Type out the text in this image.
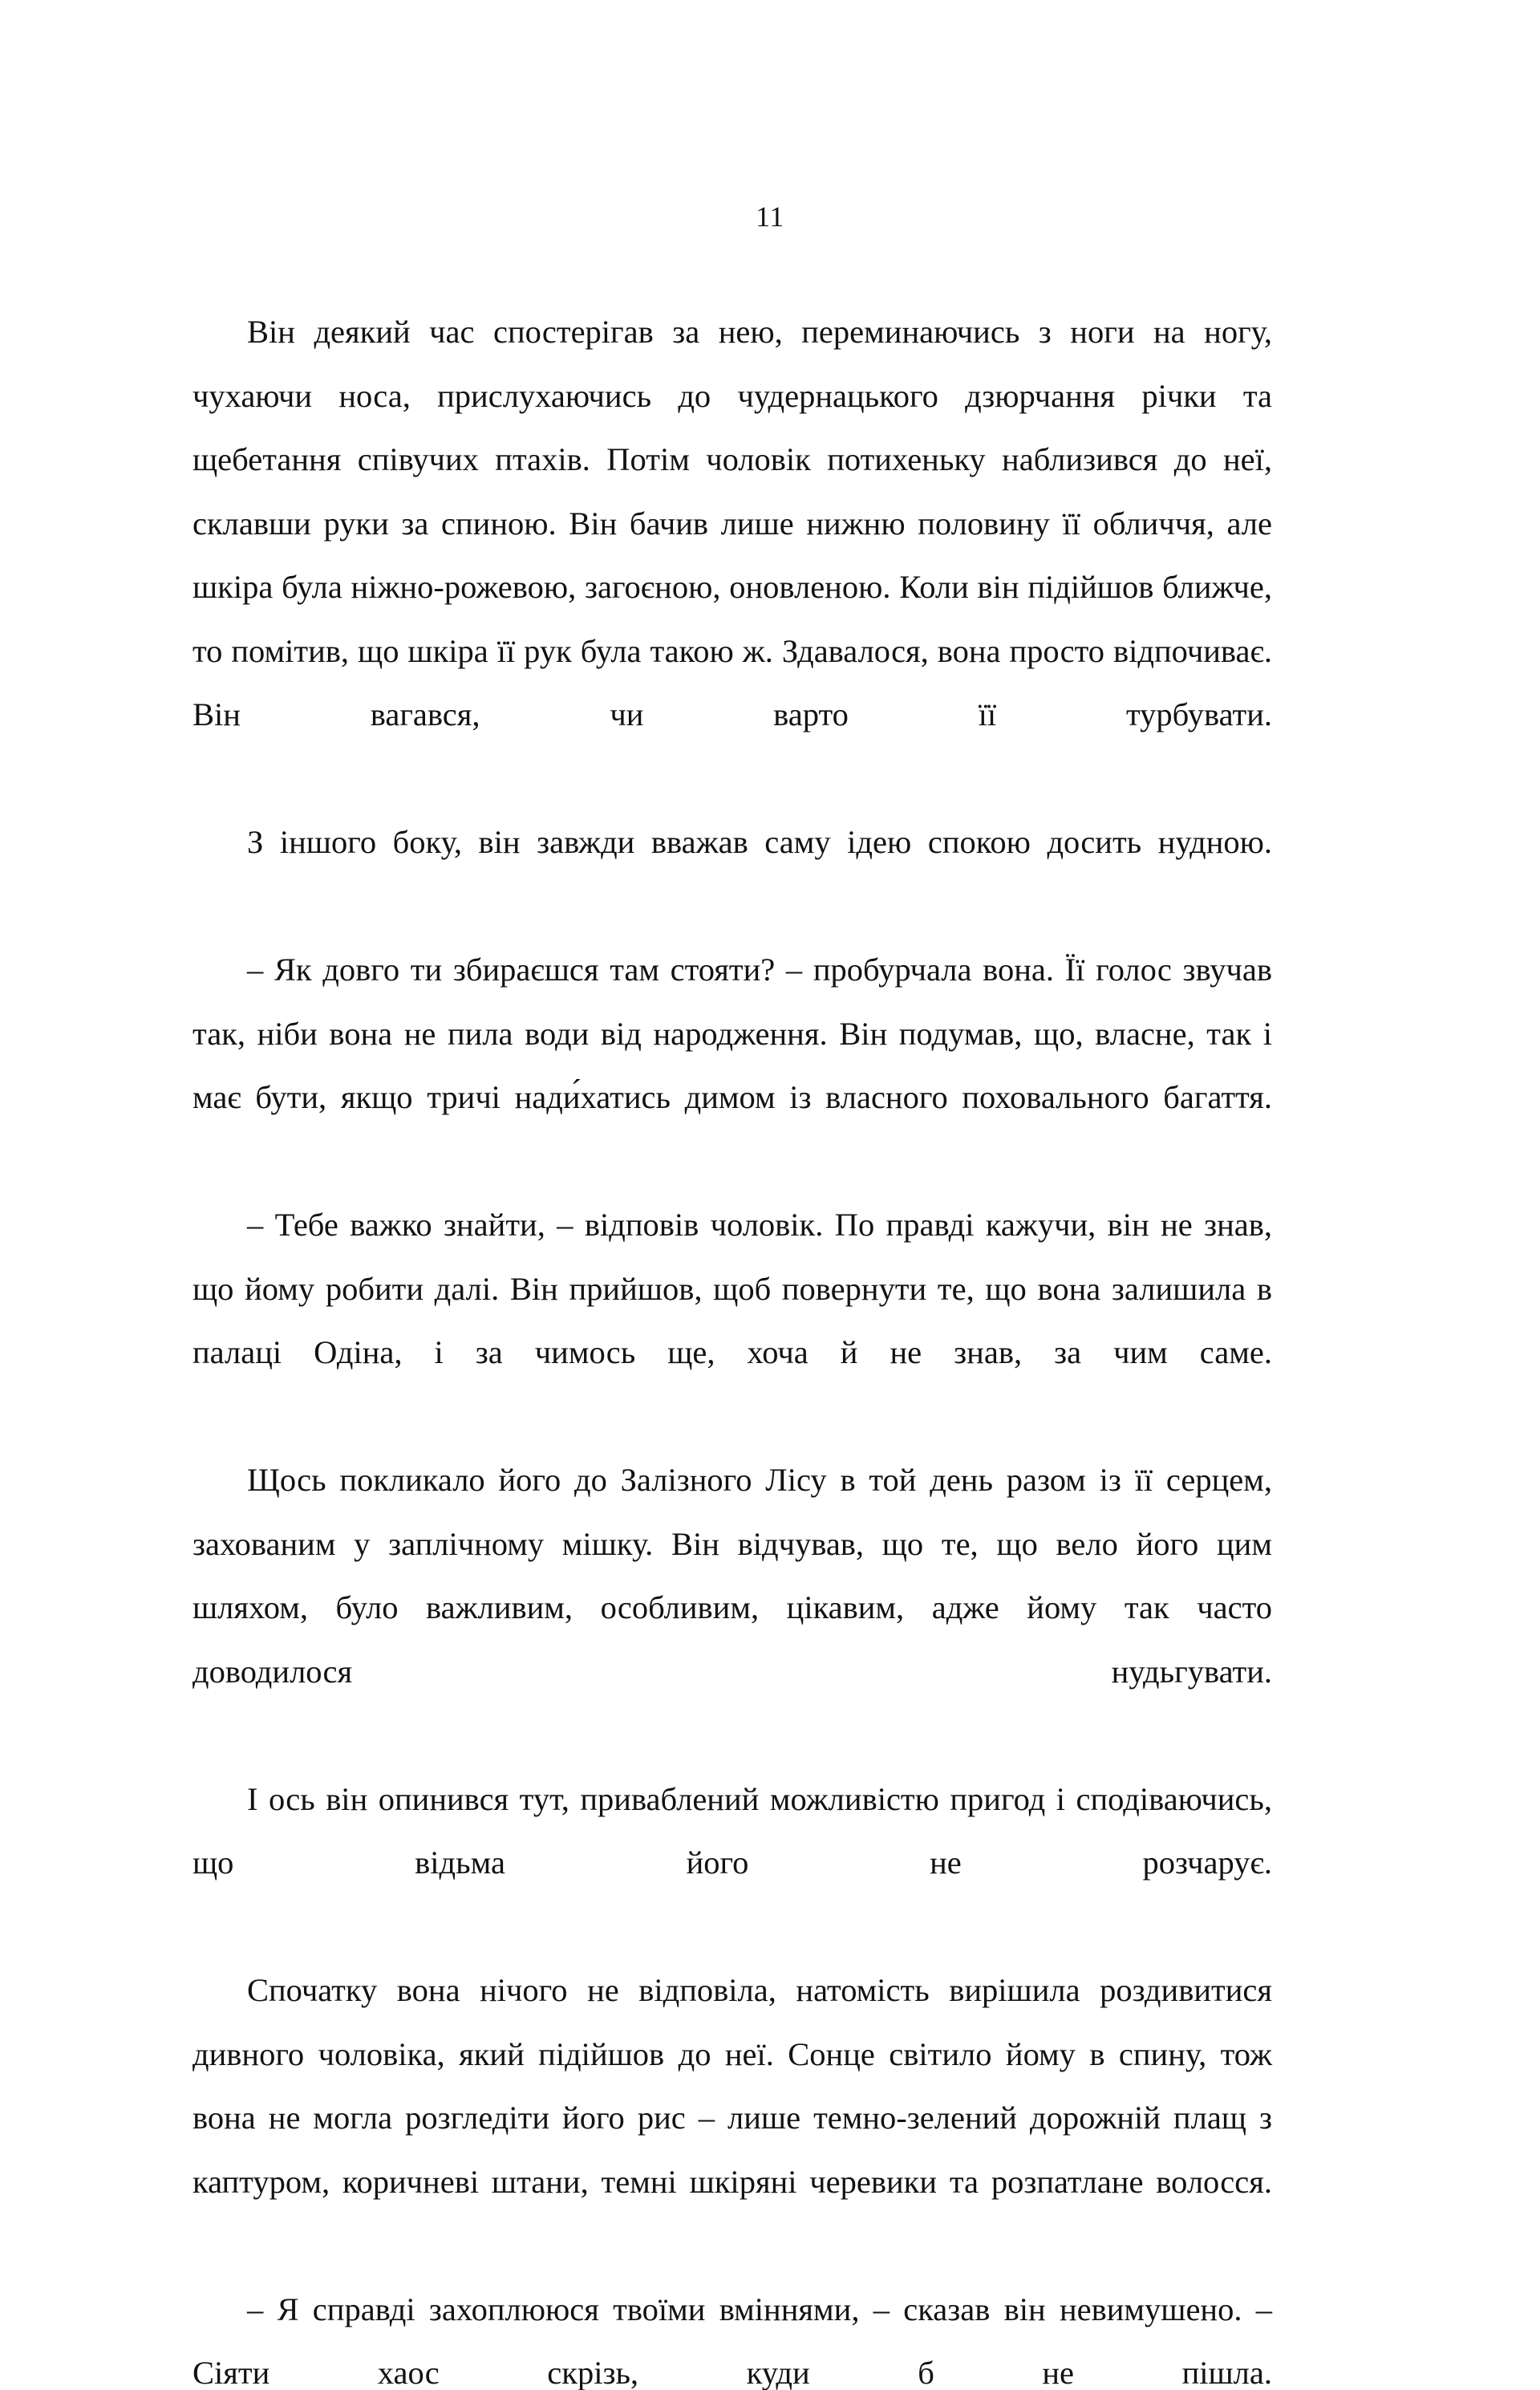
11

Він деякий час спостерігав за нею, переминаючись з ноги на ногу, чухаючи носа, прислухаючись до чудернацького дзюрчання річки та щебетання співучих птахів. Потім чоловік потихеньку наблизився до неї, склавши руки за спиною. Він бачив лише нижню половину її обличчя, але шкіра була ніжно-рожевою, загоєною, оновленою. Коли він підійшов ближче, то помітив, що шкіра її рук була такою ж. Здавалося, вона просто відпочиває. Він вагався, чи варто її турбувати.

З іншого боку, він завжди вважав саму ідею спокою досить нудною.

– Як довго ти збираєшся там стояти? – пробурчала вона. Її голос звучав так, ніби вона не пила води від народження. Він подумав, що, власне, так і має бути, якщо тричі нади́хатись димом із власного поховального багаття.

– Тебе важко знайти, – відповів чоловік. По правді кажучи, він не знав, що йому робити далі. Він прийшов, щоб повернути те, що вона залишила в палаці Одіна, і за чимось ще, хоча й не знав, за чим саме.

Щось покликало його до Залізного Лісу в той день разом із її серцем, захованим у заплічному мішку. Він відчував, що те, що вело його цим шляхом, було важливим, особливим, цікавим, адже йому так часто доводилося нудьгувати.

І ось він опинився тут, приваблений можливістю пригод і сподіваючись, що відьма його не розчарує.

Спочатку вона нічого не відповіла, натомість вирішила роздивитися дивного чоловіка, який підійшов до неї. Сонце світило йому в спину, тож вона не могла розгледіти його рис – лише темно-зелений дорожній плащ з каптуром, коричневі штани, темні шкіряні черевики та розпатлане волосся.

– Я справді захоплююся твоїми вміннями, – сказав він невимушено. – Сіяти хаос скрізь, куди б не пішла.
